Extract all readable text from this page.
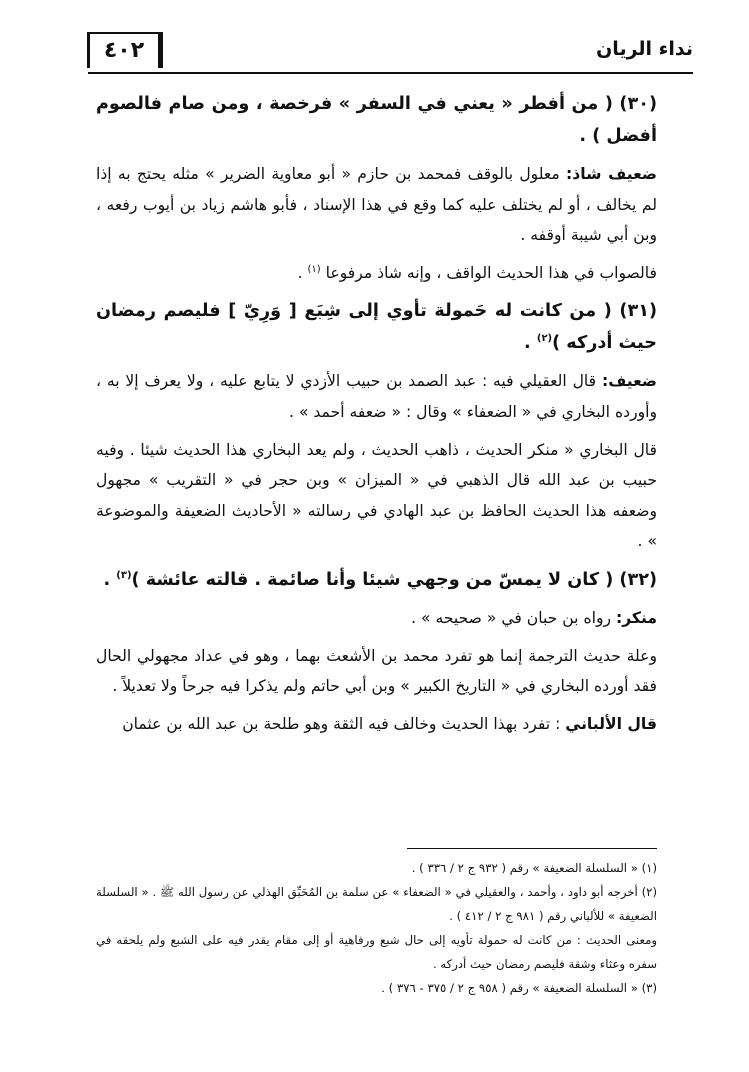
٤٠٢	نداء الريان

(٣٠) ( من أفطر « يعني في السفر » فرخصة ، ومن صام فالصوم أفضل ) .

ضعيف شاذ: معلول بالوقف فمحمد بن حازم « أبو معاوية الضرير » مثله يحتج به إذا لم يخالف ، أو لم يختلف عليه كما وقع في هذا الإسناد ، فأبو هاشم زياد بن أيوب رفعه ، وبن أبي شيبة أوقفه .

فالصواب في هذا الحديث الواقف ، وإنه شاذ مرفوعا $^{(١)}$ .

(٣١) ( من كانت له حَمولة تأوي إلى شِبَع [ وَرِيّ ] فليصم رمضان حيث أدركه )$^{(٢)}$ .

ضعيف: قال العقيلي فيه : عبد الصمد بن حبيب الأزدي لا يتابع عليه ، ولا يعرف إلا به ، وأورده البخاري في « الضعفاء » وقال : « ضعفه أحمد » .

قال البخاري « منكر الحديث ، ذاهب الحديث ، ولم يعد البخاري هذا الحديث شيئا . وفيه حبيب بن عبد الله قال الذهبي في « الميزان » وبن حجر في « التقريب » مجهول وضعفه هذا الحديث الحافظ بن عبد الهادي في رسالته « الأحاديث الضعيفة والموضوعة » .

(٣٢) ( كان لا يمسّ من وجهي شيئا وأنا صائمة . قالته عائشة )$^{(٣)}$ .

منكر: رواه بن حبان في « صحيحه » .

وعلة حديث الترجمة إنما هو تفرد محمد بن الأشعث بهما ، وهو في عداد مجهولي الحال فقد أورده البخاري في « التاريخ الكبير » وبن أبي حاتم ولم يذكرا فيه جرحاً ولا تعديلاً .

قال الألباني : تفرد بهذا الحديث وخالف فيه الثقة وهو طلحة بن عبد الله بن عثمان

(١) « السلسلة الضعيفة » رقم ( ٩٣٢ ج ٢ / ٣٣٦ ) .

(٢) أخرجه أبو داود ، وأحمد ، والعقيلي في « الضعفاء » عن سلمة بن المُحَبِّق الهذلي عن رسول الله ﷺ . « السلسلة الضعيفة » للألباني رقم ( ٩٨١ ج ٢ / ٤١٢ ) .

ومعنى الحديث : من كانت له حمولة تأويه إلى حال شبع ورفاهية أو إلى مقام يقدر فيه على الشبع ولم يلحقه في سفره وعثاء وشقة فليصم رمضان حيث أدركه .

(٣) « السلسلة الضعيفة » رقم ( ٩٥٨ ج ٢ / ٣٧٥ - ٣٧٦ ) .
